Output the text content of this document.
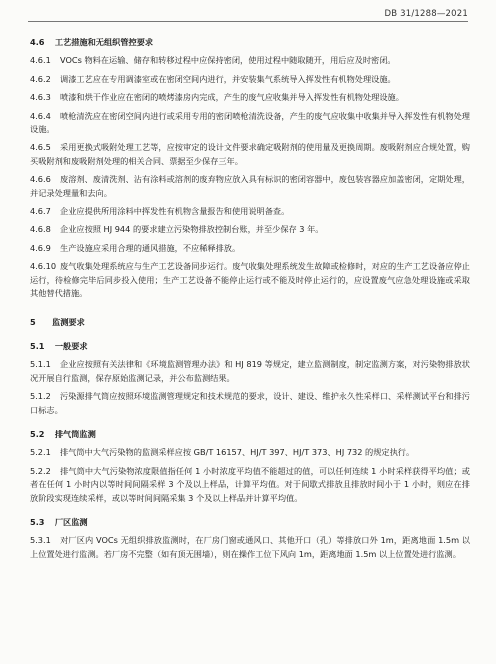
DB 31/1288—2021

4.6 工艺措施和无组织管控要求

4.6.1 VOCs 物料在运输、储存和转移过程中应保持密闭，使用过程中随取随开，用后应及时密闭。

4.6.2 调漆工艺应在专用调漆室或在密闭空间内进行，并安装集气系统导入挥发性有机物处理设施。

4.6.3 喷漆和烘干作业应在密闭的喷烤漆房内完成，产生的废气应收集并导入挥发性有机物处理设施。

4.6.4 喷枪清洗应在密闭空间内进行或采用专用的密闭喷枪清洗设备，产生的废气应收集中收集并导入挥发性有机物处理设施。

4.6.5 采用更换式吸附处理工艺等，应按审定的设计文件要求确定吸附剂的使用量及更换周期。废吸附剂应合规处置，购买吸附剂和废吸附剂处理的相关合同、票据至少保存三年。

4.6.6 废溶剂、废清洗剂、沾有涂料或溶剂的废弃物应放入具有标识的密闭容器中，废包装容器应加盖密闭，定期处理，并记录处理量和去向。

4.6.7 企业应提供所用涂料中挥发性有机物含量报告和使用说明备查。

4.6.8 企业应按照 HJ 944 的要求建立污染物排放控制台账，并至少保存 3 年。

4.6.9 生产设施应采用合理的通风措施，不应稀释排放。

4.6.10 废气收集处理系统应与生产工艺设备同步运行。废气收集处理系统发生故障或检修时，对应的生产工艺设备应停止运行，待检修完毕后同步投入使用；生产工艺设备不能停止运行或不能及时停止运行的，应设置废气应急处理设施或采取其他替代措施。

5 监测要求

5.1 一般要求

5.1.1 企业应按照有关法律和《环境监测管理办法》和 HJ 819 等规定，建立监测制度，制定监测方案，对污染物排放状况开展自行监测，保存原始监测记录，并公布监测结果。

5.1.2 污染源排气筒应按照环境监测管理规定和技术规范的要求，设计、建设、维护永久性采样口、采样测试平台和排污口标志。

5.2 排气筒监测

5.2.1 排气筒中大气污染物的监测采样应按 GB/T 16157、HJ/T 397、HJ/T 373、HJ 732 的规定执行。

5.2.2 排气筒中大气污染物浓度限值指任何 1 小时浓度平均值不能超过的值，可以任何连续 1 小时采样获得平均值；或者在任何 1 小时内以等时间间隔采样 3 个及以上样品，计算平均值。对于间歇式排放且排放时间小于 1 小时，则应在排放阶段实现连续采样，或以等时间间隔采集 3 个及以上样品并计算平均值。

5.3 厂区监测

5.3.1 对厂区内 VOCs 无组织排放监测时，在厂房门窗或通风口、其他开口（孔）等排放口外 1m，距离地面 1.5m 以上位置处进行监测。若厂房不完整（如有顶无围墙），则在操作工位下风向 1m，距离地面 1.5m 以上位置处进行监测。
